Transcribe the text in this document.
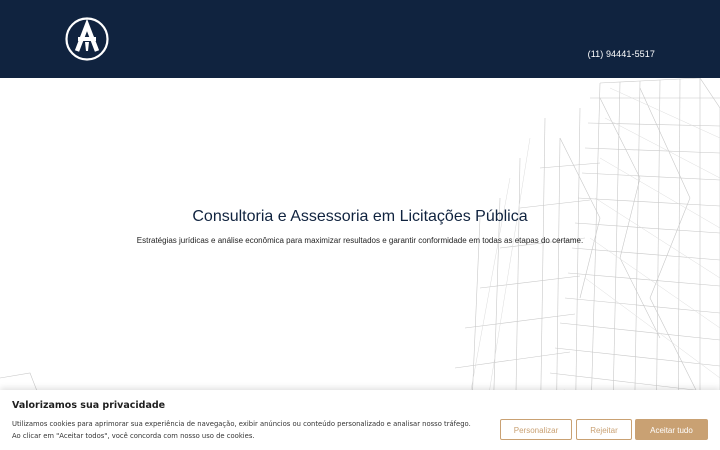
(11) 94441-5517
Consultoria e Assessoria em Licitações Pública
Estratégias jurídicas e análise econômica para maximizar resultados e garantir conformidade em todas as etapas do certame.
Valorizamos sua privacidade
Utilizamos cookies para aprimorar sua experiência de navegação, exibir anúncios ou conteúdo personalizado e analisar nosso tráfego.
Ao clicar em "Aceitar todos", você concorda com nosso uso de cookies.
Personalizar	Rejeitar	Aceitar tudo
